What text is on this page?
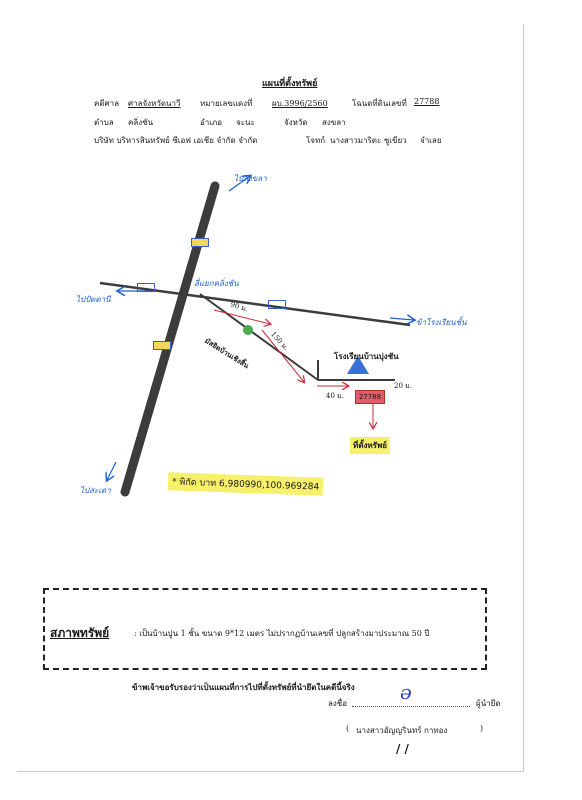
แผนที่ตั้งทรัพย์
คดีศาล ศาลจังหวัดนาวี หมายเลขแดงที่ ผบ.3996/2560	โฉนดที่ดินเลขที่ 27788
ตำบล คลิ่งชัน	อำเภอ จะนะ	จังหวัด สงขลา
บริษัท บริหารสินทรัพย์ ซีเอฟ เอเชีย จำกัด จำกัด	โจทก์ นางสาวมาริตะ ชูเขียว จำเลย
ไปสงขลา
ไปปัตตานี
ข้าโรงเรียนชั้น
ไปสะเดา
ลี่แยกคลิ่งชัน
โรงเรียนบ้านบุ่งชัน
มัสยิดบ้านเชิงสิ้น
90 ม.
150 ม.
40 ม.
20 ม.
27788
ที่ตั้งทรัพย์
* พิกัด บาท 6,980990,100.969284
สภาพทรัพย์	: เป็นบ้านปูน 1 ชั้น ขนาด 9*12 เมตร ไม่ปรากฏบ้านเลขที่ ปลูกสร้างมาประมาณ 50 ปี
ข้าพเจ้าขอรับรองว่าเป็นแผนที่การไปที่ตั้งทรัพย์ที่นำยึดในคดีนี้จริง
ลงชื่อ	ə	ผู้นำยึด
( นางสาวอัญญรินทร์ กาทอง	)
/ /
